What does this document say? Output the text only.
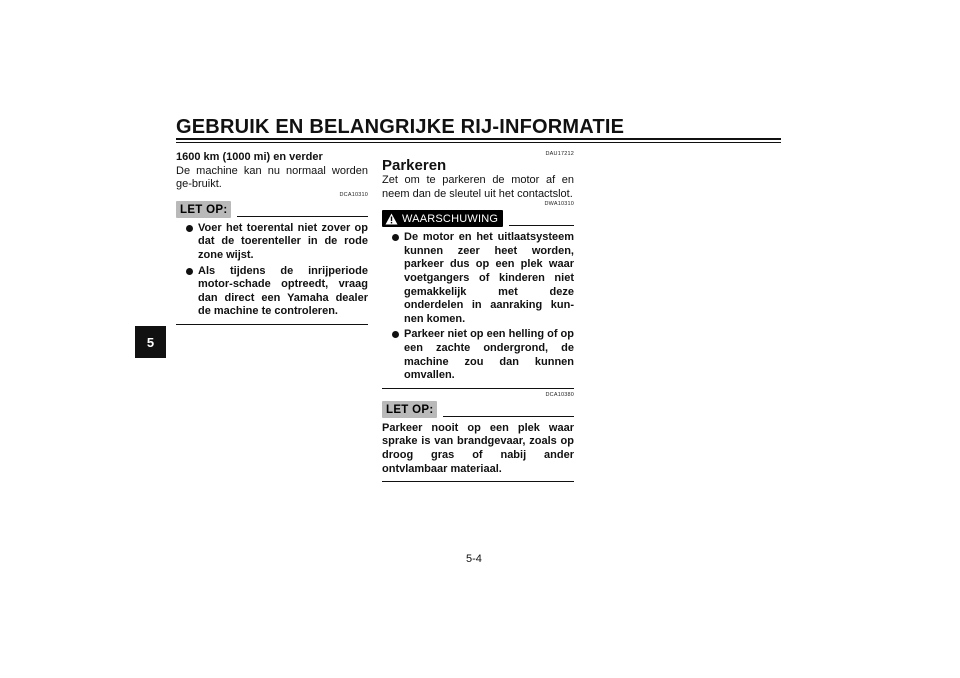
GEBRUIK EN BELANGRIJKE RIJ-INFORMATIE
5
1600 km (1000 mi) en verder
De machine kan nu normaal worden ge-bruikt.
DCA10310
LET OP:
Voer het toerental niet zover op dat de toerenteller in de rode zone wijst.
Als tijdens de inrijperiode motor-schade optreedt, vraag dan direct een Yamaha dealer de machine te controleren.
DAU17212
Parkeren
Zet om te parkeren de motor af en neem dan de sleutel uit het contactslot.
DWA10310
WAARSCHUWING
De motor en het uitlaatsysteem kunnen zeer heet worden, parkeer dus op een plek waar voetgangers of kinderen niet gemakkelijk met deze onderdelen in aanraking kun-nen komen.
Parkeer niet op een helling of op een zachte ondergrond, de machine zou dan kunnen omvallen.
DCA10380
LET OP:
Parkeer nooit op een plek waar sprake is van brandgevaar, zoals op droog gras of nabij ander ontvlambaar materiaal.
5-4
